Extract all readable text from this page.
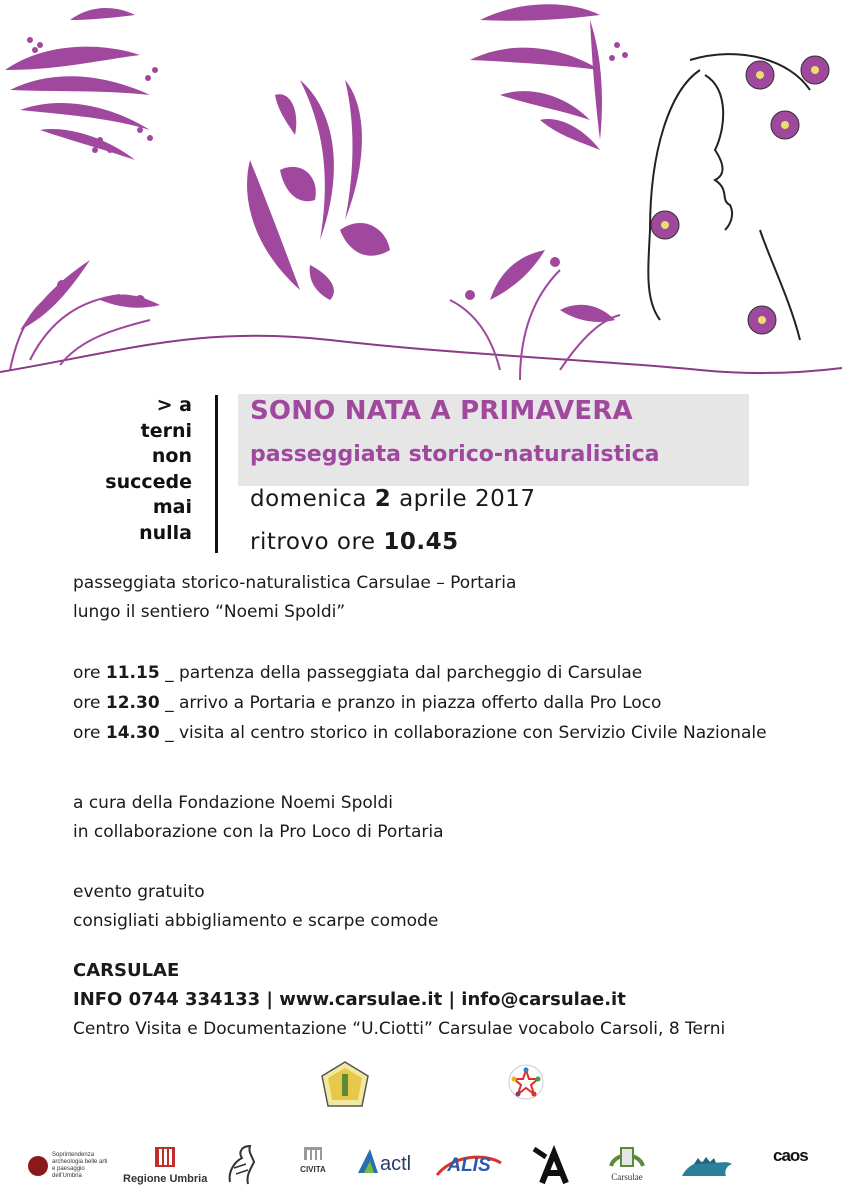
> a
terni
non
succede
mai
nulla
SONO NATA A PRIMAVERA
passeggiata storico-naturalistica
domenica 2 aprile 2017
ritrovo ore 10.45
passeggiata storico-naturalistica Carsulae – Portaria
lungo il sentiero “Noemi Spoldi”
ore 11.15 _ partenza della passeggiata dal parcheggio di Carsulae
ore 12.30 _ arrivo a Portaria e pranzo in piazza offerto dalla Pro Loco
ore 14.30 _ visita al centro storico in collaborazione con Servizio Civile Nazionale
a cura della Fondazione Noemi Spoldi
in collaborazione con la Pro Loco di Portaria
evento gratuito
consigliati abbigliamento e scarpe comode
CARSULAE
INFO 0744 334133 | www.carsulae.it | info@carsulae.it
Centro Visita e Documentazione “U.Ciotti” Carsulae vocabolo Carsoli, 8 Terni
Soprintendenza archeologia belle arti e paesaggio dell'Umbria	Regione Umbria
CIVITA	actl ALIS
Carsulae
caos
